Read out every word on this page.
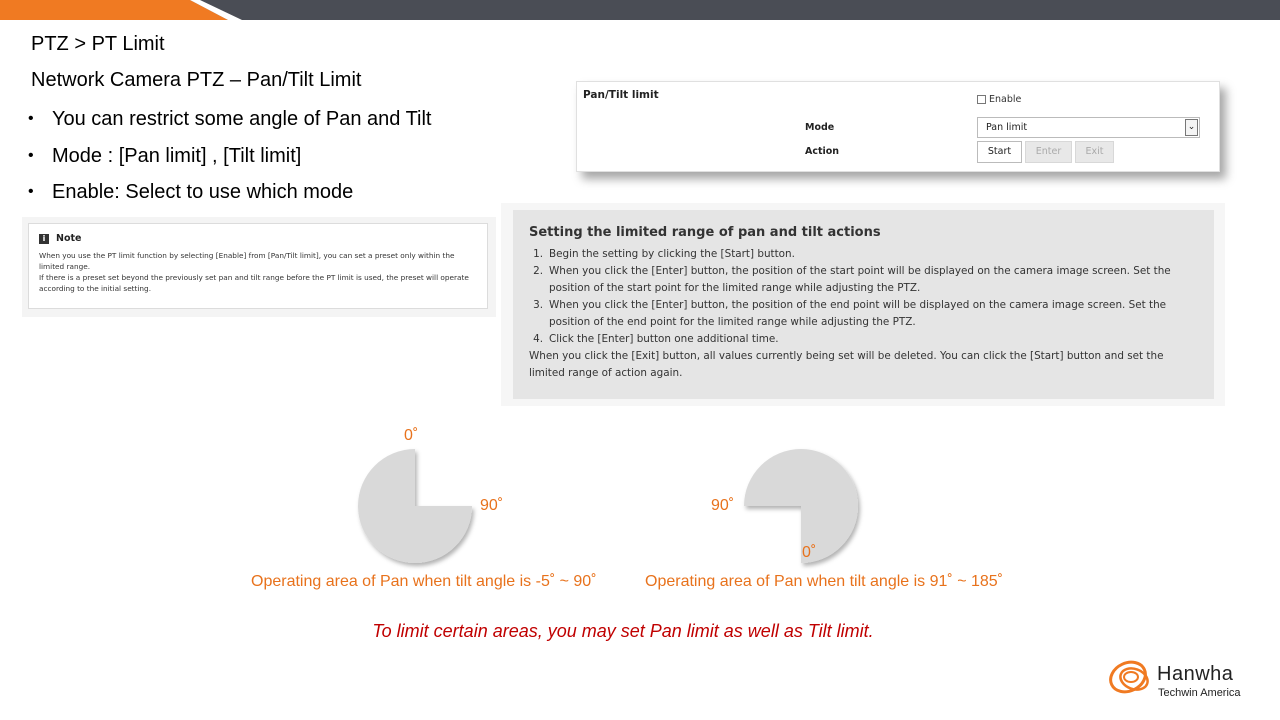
PTZ > PT Limit
Network Camera PTZ – Pan/Tilt Limit
• You can restrict some angle of Pan and Tilt
• Mode : [Pan limit] , [Tilt limit]
• Enable: Select to use which mode
i	Note

When you use the PT limit function by selecting [Enable] from [Pan/Tilt limit], you can set a preset only within the limited range.

If there is a preset set beyond the previously set pan and tilt range before the PT limit is used, the preset will operate according to the initial setting.

Pan/Tilt limit	Enable
Mode	Pan limit	⌄
Action	Start	Enter	Exit
Setting the limited range of pan and tilt actions
1. Begin the setting by clicking the [Start] button.
2. When you click the [Enter] button, the position of the start point will be displayed on the camera image screen. Set the position of the start point for the limited range while adjusting the PTZ.
3. When you click the [Enter] button, the position of the end point will be displayed on the camera image screen. Set the position of the end point for the limited range while adjusting the PTZ.
4. Click the [Enter] button one additional time.
When you click the [Exit] button, all values currently being set will be deleted. You can click the [Start] button and set the limited range of action again.
0˚
90˚
Operating area of Pan when tilt angle is -5˚ ~ 90˚
90˚
0˚
Operating area of Pan when tilt angle is 91˚ ~ 185˚
To limit certain areas, you may set Pan limit as well as Tilt limit.
Hanwha
Techwin America
